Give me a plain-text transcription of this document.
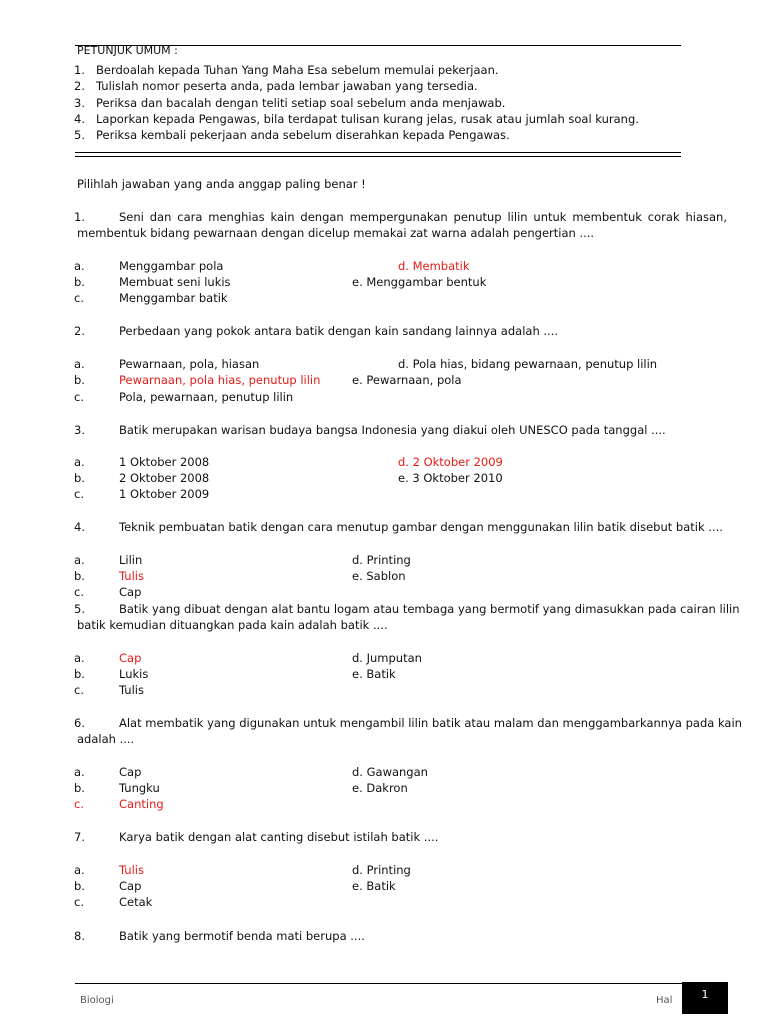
PETUNJUK UMUM :
1. Berdoalah kepada Tuhan Yang Maha Esa sebelum memulai pekerjaan.
2. Tulislah nomor peserta anda, pada lembar jawaban yang tersedia.
3. Periksa dan bacalah dengan teliti setiap soal sebelum anda menjawab.
4. Laporkan kepada Pengawas, bila terdapat tulisan kurang jelas, rusak atau jumlah soal kurang.
5. Periksa kembali pekerjaan anda sebelum diserahkan kepada Pengawas.
Pilihlah jawaban yang anda anggap paling benar !
1.	Seni dan cara menghias kain dengan mempergunakan penutup lilin untuk membentuk corak hiasan,
membentuk bidang pewarnaan dengan dicelup memakai zat warna adalah pengertian ....
a.	Menggambar pola	d. Membatik
b.	Membuat seni lukis	e. Menggambar bentuk
c.	Menggambar batik
2.	Perbedaan yang pokok antara batik dengan kain sandang lainnya adalah ....
a.	Pewarnaan, pola, hiasan	d. Pola hias, bidang pewarnaan, penutup lilin
b.	Pewarnaan, pola hias, penutup lilin	e. Pewarnaan, pola
c.	Pola, pewarnaan, penutup lilin
3.	Batik merupakan warisan budaya bangsa Indonesia yang diakui oleh UNESCO pada tanggal ....
a.	1 Oktober 2008	d. 2 Oktober 2009
b.	2 Oktober 2008	e. 3 Oktober 2010
c.	1 Oktober 2009
4.	Teknik pembuatan batik dengan cara menutup gambar dengan menggunakan lilin batik disebut batik ....
a.	Lilin	d. Printing
b.	Tulis	e. Sablon
c.	Cap
5.	Batik yang dibuat dengan alat bantu logam atau tembaga yang bermotif yang dimasukkan pada cairan lilin
batik kemudian dituangkan pada kain adalah batik ....
a.	Cap	d. Jumputan
b.	Lukis	e. Batik
c.	Tulis
6.	Alat membatik yang digunakan untuk mengambil lilin batik atau malam dan menggambarkannya pada kain
adalah ....
a.	Cap	d. Gawangan
b.	Tungku	e. Dakron
c.	Canting
7.	Karya batik dengan alat canting disebut istilah batik ....
a.	Tulis	d. Printing
b.	Cap	e. Batik
c.	Cetak
8.	Batik yang bermotif benda mati berupa ....
Biologi	Hal	1
